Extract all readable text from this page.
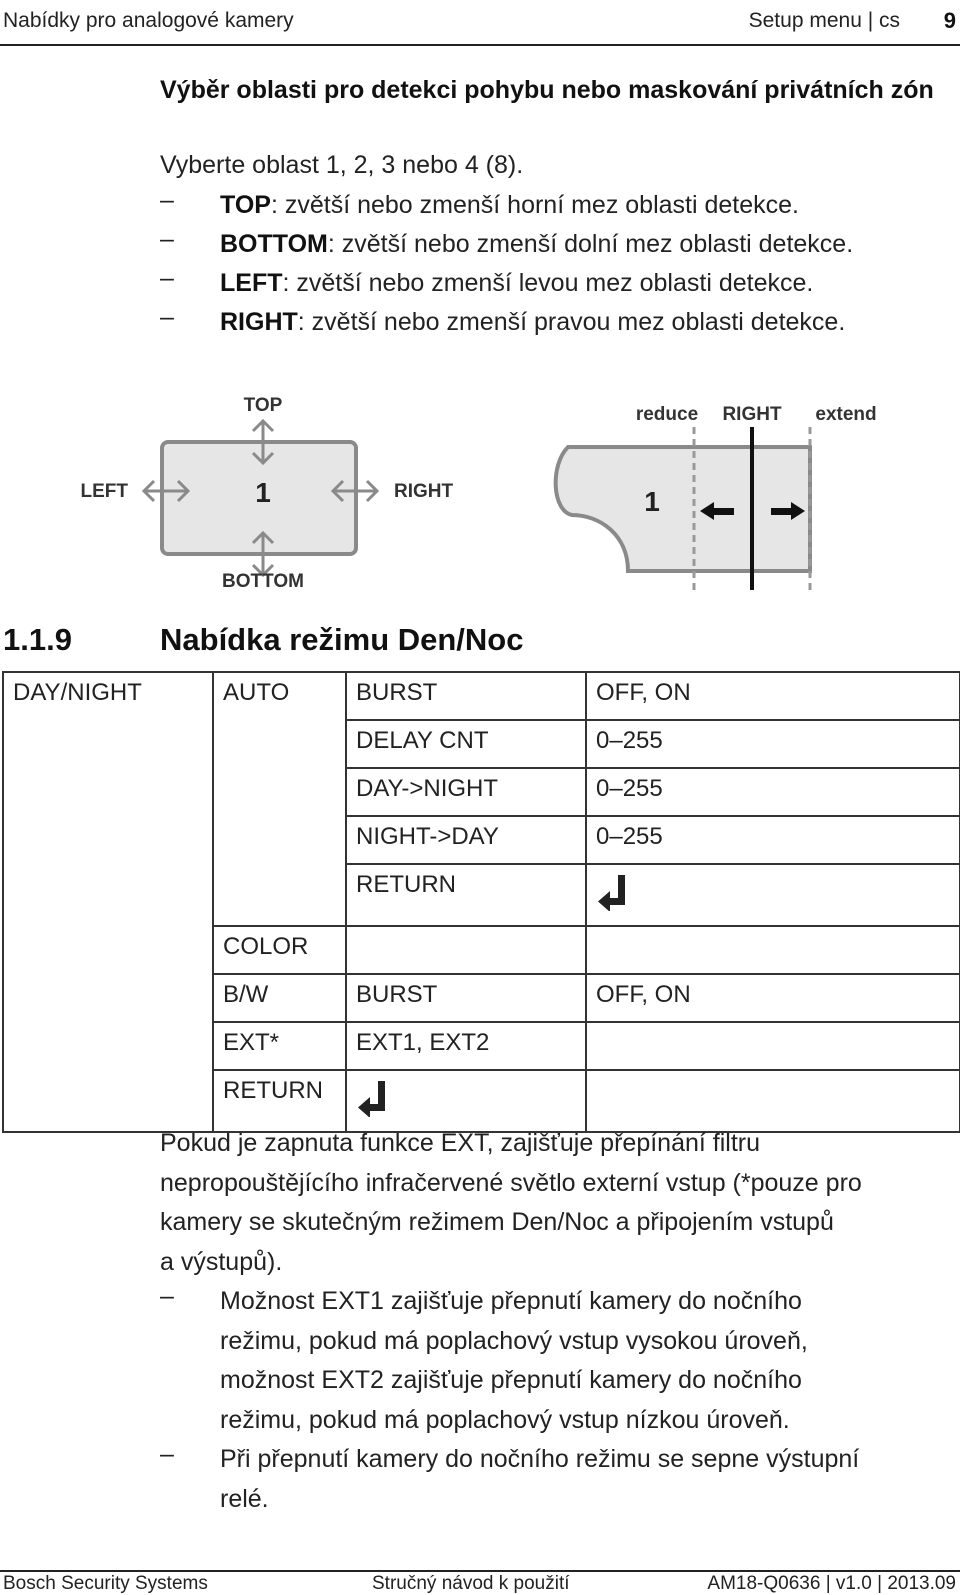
Nabídky pro analogové kamery	Setup menu | cs 9
Výběr oblasti pro detekci pohybu nebo maskování privátních zón
Vyberte oblast 1, 2, 3 nebo 4 (8).
– TOP: zvětší nebo zmenší horní mez oblasti detekce.
– BOTTOM: zvětší nebo zmenší dolní mez oblasti detekce.
– LEFT: zvětší nebo zmenší levou mez oblasti detekce.
– RIGHT: zvětší nebo zmenší pravou mez oblasti detekce.
TOP
BOTTOM
LEFT	RIGHT
1
reduce RIGHT extend
1
1.1.9	Nabídka režimu Den/Noc
DAY/NIGHT	AUTO	BURST	OFF, ON
		DELAY CNT	0–255
		DAY->NIGHT	0–255
		NIGHT->DAY	0–255
		RETURN	
	COLOR		
	B/W	BURST	OFF, ON
	EXT*	EXT1, EXT2	
	RETURN		
Pokud je zapnuta funkce EXT, zajišťuje přepínání filtru
nepropouštějícího infračervené světlo externí vstup (*pouze pro
kamery se skutečným režimem Den/Noc a připojením vstupů
a výstupů).
– Možnost EXT1 zajišťuje přepnutí kamery do nočního
režimu, pokud má poplachový vstup vysokou úroveň,
možnost EXT2 zajišťuje přepnutí kamery do nočního
režimu, pokud má poplachový vstup nízkou úroveň.
– Při přepnutí kamery do nočního režimu se sepne výstupní
relé.
Bosch Security Systems	Stručný návod k použití	AM18-Q0636 | v1.0 | 2013.09
